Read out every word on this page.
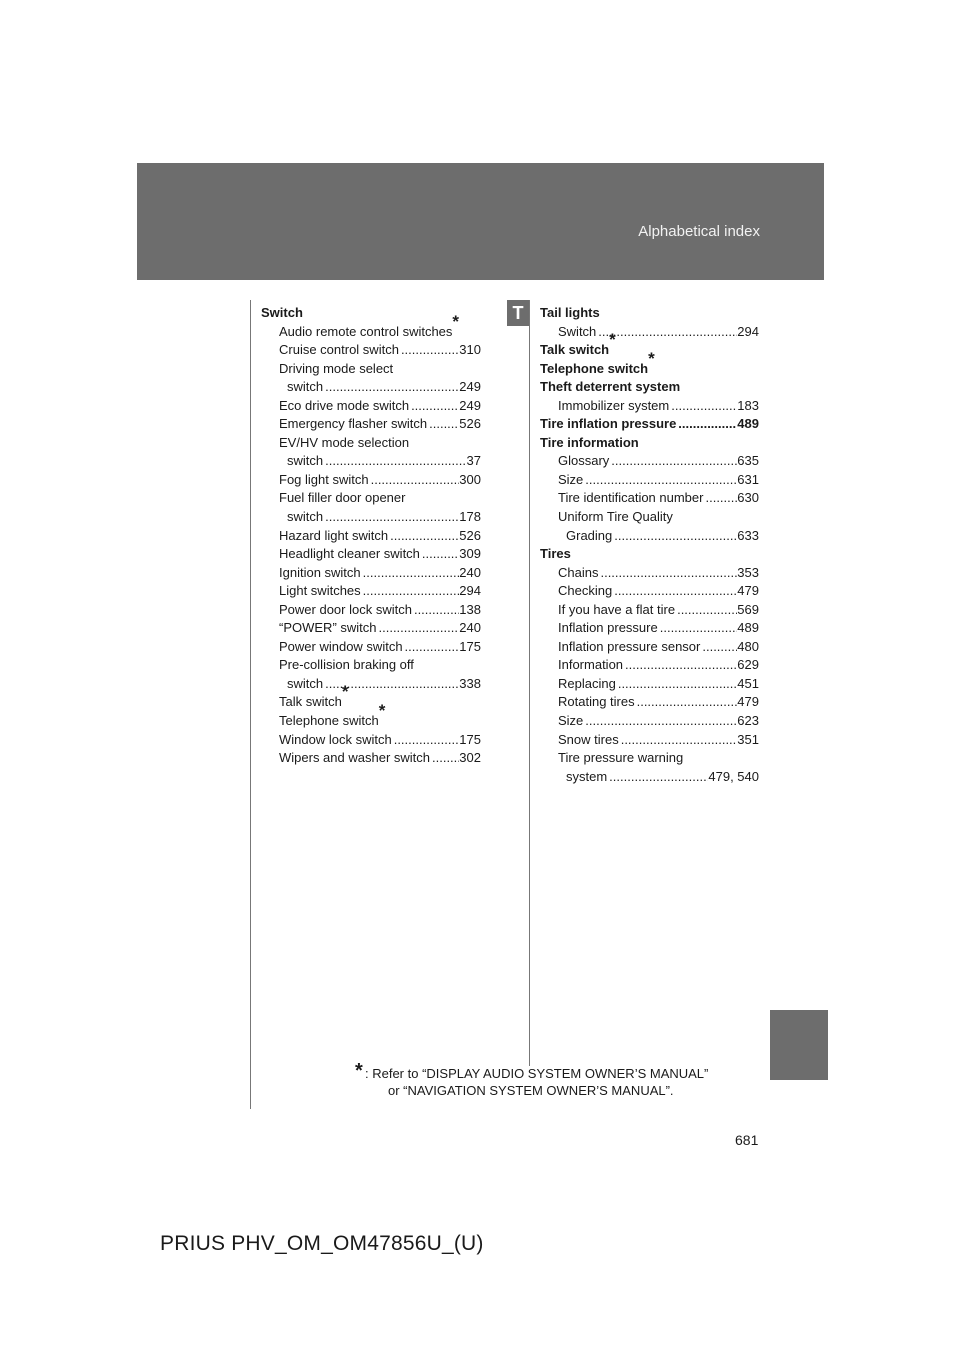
Alphabetical index
T
Switch
Audio remote control switches
*
Cruise control switch .....	310
Driving mode select
switch .....	249
Eco drive mode switch .....	249
Emergency flasher switch ..... 526
EV/HV mode selection
switch .....	37
Fog light switch .....	300
Fuel filler door opener
switch .....	178
Hazard light switch .....	526
Headlight cleaner switch .....	309
Ignition switch .....	240
Light switches .....	294
Power door lock switch .....	138
“POWER” switch .....	240
Power window switch .....	175
Pre-collision braking off
switch .....	338
Talk switch
*
Telephone switch
*
Window lock switch .....	175
Wipers and washer switch ..... 302
Tail lights
Switch .....	294
Talk switch
*
Telephone switch
*
Theft deterrent system
Immobilizer system .....	183
Tire inflation pressure .....	489
Tire information
Glossary .....	635
Size .....	631
Tire identification number .....	630
Uniform Tire Quality
Grading .....	633
Tires
Chains .....	353
Checking .....	479
If you have a flat tire .....	569
Inflation pressure .....	489
Inflation pressure sensor .....	480
Information .....	629
Replacing .....	451
Rotating tires .....	479
Size .....	623
Snow tires .....	351
Tire pressure warning
system .....	479, 540
* : Refer to “DISPLAY AUDIO SYSTEM OWNER’S MANUAL”
or “NAVIGATION SYSTEM OWNER’S MANUAL”.
681
PRIUS PHV_OM_OM47856U_(U)
